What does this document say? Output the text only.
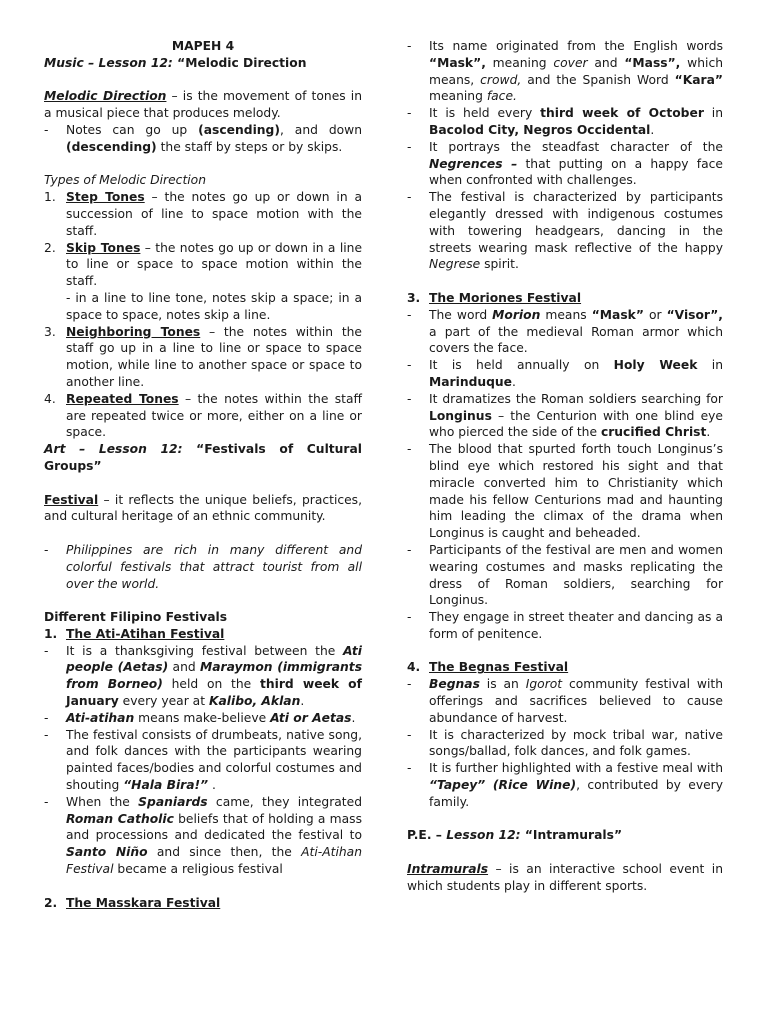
MAPEH 4

Music – Lesson 12: “Melodic Direction

Melodic Direction – is the movement of tones in a musical piece that produces melody.

-	Notes can go up (ascending), and down (descending) the staff by steps or by skips.

Types of Melodic Direction

1. Step Tones – the notes go up or down in a succession of line to space motion with the staff.
2. Skip Tones – the notes go up or down in a line to line or space to space motion within the staff.

- in a line to line tone, notes skip a space; in a space to space, notes skip a line.

3. Neighboring Tones – the notes within the staff go up in a line to line or space to space motion, while line to another space or space to another line.
4. Repeated Tones – the notes within the staff are repeated twice or more, either on a line or space.

Art – Lesson 12: “Festivals of Cultural Groups”

Festival – it reflects the unique beliefs, practices, and cultural heritage of an ethnic community.

-	Philippines are rich in many different and colorful festivals that attract tourist from all over the world.

Different Filipino Festivals

1. The Ati-Atihan Festival
-	It is a thanksgiving festival between the Ati people (Aetas) and Maraymon (immigrants from Borneo) held on the third week of January every year at Kalibo, Aklan.
-	Ati-atihan means make-believe Ati or Aetas.
-	The festival consists of drumbeats, native song, and folk dances with the participants wearing painted faces/bodies and colorful costumes and shouting “Hala Bira!” .
-	When the Spaniards came, they integrated Roman Catholic beliefs that of holding a mass and processions and dedicated the festival to Santo Niño and since then, the Ati-Atihan Festival became a religious festival
2. The Masskara Festival
-	Its name originated from the English words “Mask”, meaning cover and “Mass”, which means, crowd, and the Spanish Word “Kara” meaning face.
-	It is held every third week of October in Bacolod City, Negros Occidental.
-	It portrays the steadfast character of the Negrences – that putting on a happy face when confronted with challenges.
-	The festival is characterized by participants elegantly dressed with indigenous costumes with towering headgears, dancing in the streets wearing mask reflective of the happy Negrese spirit.
3. The Moriones Festival
-	The word Morion means “Mask” or “Visor”, a part of the medieval Roman armor which covers the face.
-	It is held annually on Holy Week in Marinduque.
-	It dramatizes the Roman soldiers searching for Longinus – the Centurion with one blind eye who pierced the side of the crucified Christ.
-	The blood that spurted forth touch Longinus’s blind eye which restored his sight and that miracle converted him to Christianity which made his fellow Centurions mad and haunting him leading the climax of the drama when Longinus is caught and beheaded.
-	Participants of the festival are men and women wearing costumes and masks replicating the dress of Roman soldiers, searching for Longinus.
-	They engage in street theater and dancing as a form of penitence.
4. The Begnas Festival
-	Begnas is an Igorot community festival with offerings and sacrifices believed to cause abundance of harvest.
-	It is characterized by mock tribal war, native songs/ballad, folk dances, and folk games.
-	It is further highlighted with a festive meal with “Tapey” (Rice Wine), contributed by every family.

P.E. – Lesson 12: “Intramurals”

Intramurals – is an interactive school event in which students play in different sports.
